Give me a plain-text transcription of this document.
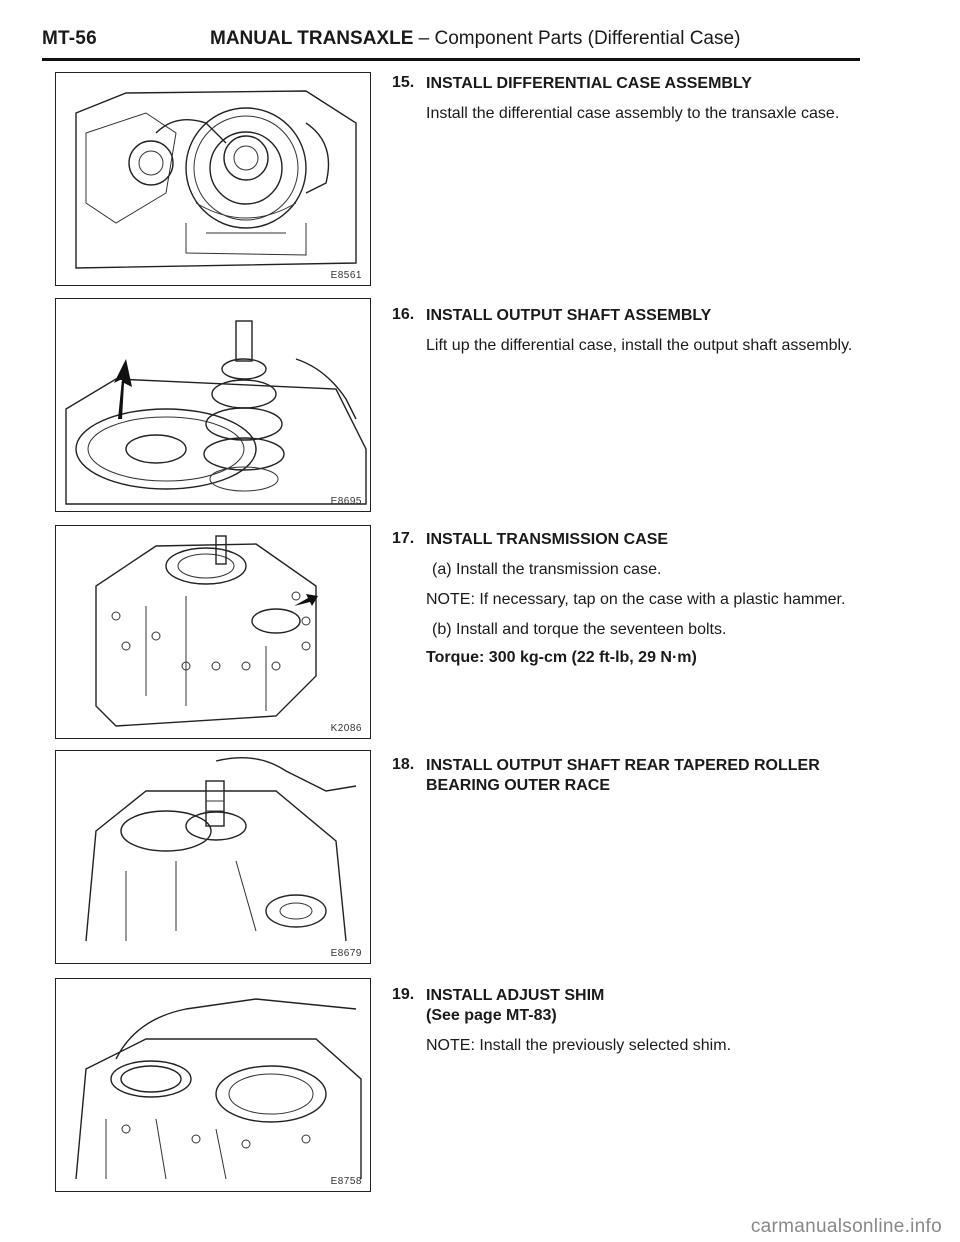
MT-56	MANUAL TRANSAXLE – Component Parts (Differential Case)
E8561
E8695
K2086
E8679
E8758
15. INSTALL DIFFERENTIAL CASE ASSEMBLY
Install the differential case assembly to the transaxle case.
16. INSTALL OUTPUT SHAFT ASSEMBLY
Lift up the differential case, install the output shaft assembly.
17. INSTALL TRANSMISSION CASE
(a) Install the transmission case.
NOTE: If necessary, tap on the case with a plastic hammer.
(b) Install and torque the seventeen bolts.
Torque: 300 kg-cm (22 ft-lb, 29 N·m)
18. INSTALL OUTPUT SHAFT REAR TAPERED ROLLER BEARING OUTER RACE
19. INSTALL ADJUST SHIM
(See page MT-83)
NOTE: Install the previously selected shim.
carmanualsonline.info
